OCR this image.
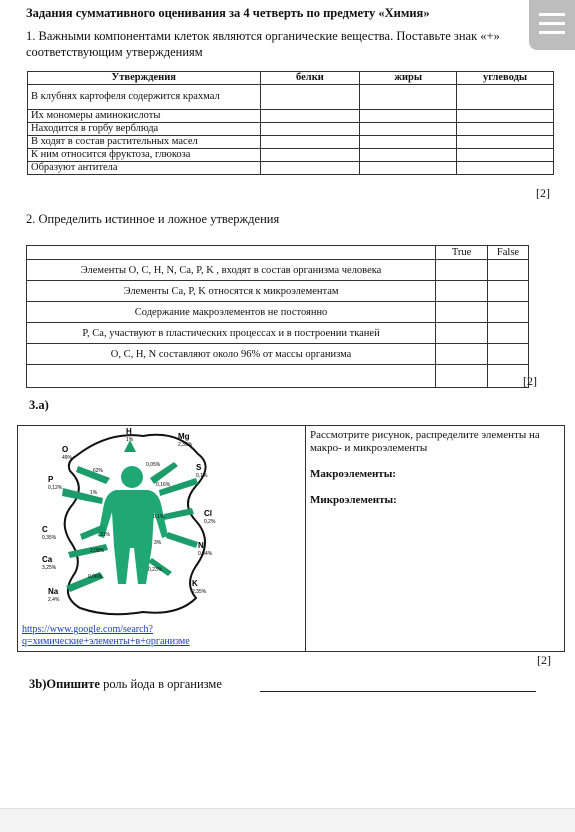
Задания суммативного оценивания за 4 четверть по предмету «Химия»
1. Важными компонентами клеток являются органические вещества. Поставьте знак «+» соответствующим утверждениям
Утверждения	белки	жиры	углеводы
В клубнях картофеля содержится крахмал			
Их мономеры аминокислоты			
Находится в горбу верблюда			
В ходят в состав растительных масел			
К ним относится фруктоза, глюкоза			
Образуют антитела			
[2]
2. Определить истинное и ложное утверждения
	True	False
Элементы O, C, H, N, Ca, P, K , входят в состав организма человека		
Элементы Ca, P, K относятся к микроэлементам		
Содержание макроэлементов не постоянно		
P, Ca, участвуют в пластических процессах и в построении тканей		
O, C, H, N составляют около 96% от массы организма		

[2]
3.а)
H
1%
O
49%
Mg
2,35%
S
0,1%
P
0,12%
Cl
0,2%
C
0,35%
N
0,04%
Ca
3,25%
K
2,35%
Na
2,4%
62%
0,05%
1%
0,16%
0,1%
31%
3%
2,08%
0,23%
0,06%
https://www.google.com/search?q=химические+элементы+в+организме
Рассмотрите рисунок, распределите элементы на макро- и микроэлементы
Макроэлементы:
Микроэлементы:
[2]
3b)Опишите роль йода в организме
